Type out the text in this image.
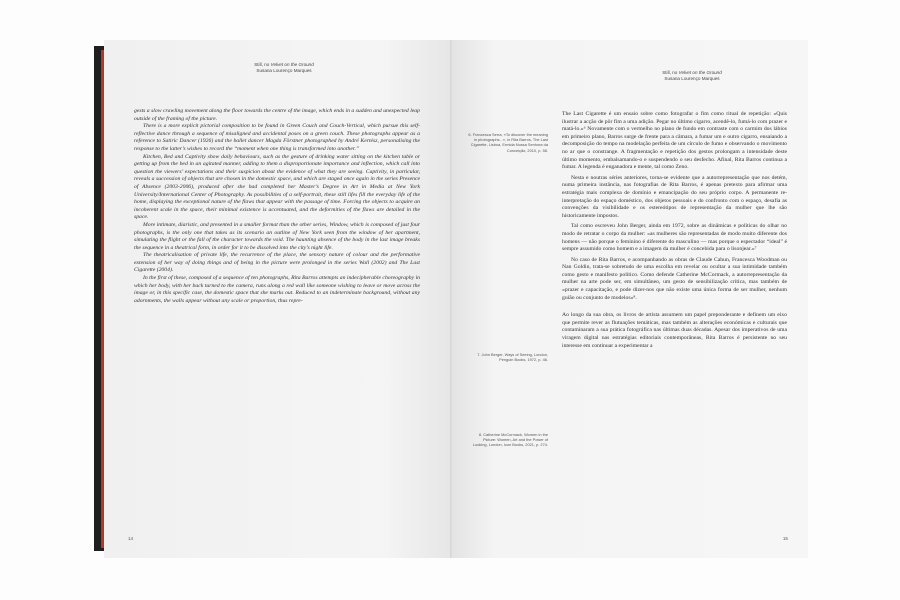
Still, no Velvet on the Ground
Susana Lourenço Marques

gests a slow crawling movement along the floor towards the centre of the image, which ends in a sudden and unexpected leap outside of the framing of the picture.

There is a more explicit pictorial composition to be found in Green Couch and Couch-Vertical, which pursue this self-reflective dance through a sequence of misaligned and accidental poses on a green couch. These photographs appear as a reference to Satiric Dancer (1926) and the ballet dancer Magda Förstner photographed by André Kertész, personalising the response to the latter’s wishes to record the “moment when one thing is transformed into another.”

Kitchen, Bed and Captivity show daily behaviours, such as the gesture of drinking water sitting on the kitchen table or getting up from the bed in an agitated manner, adding to them a disproportionate importance and inflection, which call into question the viewers’ expectations and their suspicion about the evidence of what they are seeing. Captivity, in particular, reveals a succession of objects that are chosen in the domestic space, and which are staged once again in the series Presence of Absence (2003-2006), produced after she had completed her Master’s Degree in Art in Media at New York University/International Center of Photography. As possibilities of a self-portrait, these still lifes fill the everyday life of the home, displaying the exceptional nature of the flaws that appear with the passage of time. Forcing the objects to acquire an incoherent scale in the space, their minimal existence is accentuated, and the deformities of the flaws are detailed in the space.

More intimate, diaristic, and presented in a smaller format than the other series, Window, which is composed of just four photographs, is the only one that takes as its scenario an outline of New York seen from the window of her apartment, simulating the flight or the fall of the character towards the void. The haunting absence of the body in the last image breaks the sequence in a theatrical form, in order for it to be dissolved into the city’s night life.

The theatricalisation of private life, the recurrence of the place, the sensory nature of colour and the performative extension of her way of doing things and of being in the picture were prolonged in the series Wall (2002) and The Last Cigarette (2004).

In the first of these, composed of a sequence of ten photographs, Rita Barros attempts an indecipherable choreography in which her body, with her back turned to the camera, runs along a red wall like someone wishing to leave or move across the image or, in this specific case, the domestic space that she marks out. Reduced to an indeterminate background, without any adornments, the walls appear without any scale or proportion, thus repre-

14
Still, no Velvet on the Ground
Susana Lourenço Marques
6. Francesca Serra, «To discover the meaning in photographs...», in Rita Barros, The Last Cigarette, Lisboa, Ermida Nossa Senhora da Conceição, 2010, p. 58.
7. John Berger, Ways of Seeing, London, Penguin Books, 1972, p. 46.
8. Catherine McCormack, Women in the Picture: Women, Art and the Power of Looking, London, Icon Books, 2021, p. 274.

The Last Cigarette é um ensaio sobre como fotografar o fim como ritual de repetição: «Quis ilustrar a acção de pôr fim a uma adição. Pegar no último cigarro, acendê-lo, fumá-lo com prazer e matá-lo.»⁶ Novamente com o vermelho no plano de fundo em contraste com o carmim dos lábios em primeiro plano, Barros surge de frente para a câmara, a fumar um e outro cigarro, ensaiando a decomposição do tempo na modelação perfeita de um círculo de fumo e observando o movimento no ar que o constrange. A fragmentação e repetição dos gestos prolongam a intensidade deste último momento, embalsamando-o e suspendendo o seu desfecho. Afinal, Rita Barros continua a fumar. A legenda é enganadora e mente, tal como Zeno.

Nesta e noutras séries anteriores, torna-se evidente que a autorrepresentação que nos detém, numa primeira instância, nas fotografias de Rita Barros, é apenas pretexto para afirmar uma estratégia mais complexa de domínio e emancipação do seu próprio corpo. A permanente re-interpretação do espaço doméstico, dos objetos pessoais e do confronto com o espaço, desafia as convenções da visibilidade e os estereótipos de representação da mulher que lhe são historicamente impostos.

Tal como escreveu John Berger, ainda em 1972, sobre as dinâmicas e políticas do olhar no modo de retratar o corpo da mulher: «as mulheres são representadas de modo muito diferente dos homens — não porque o feminino é diferente do masculino — mas porque o espectador “ideal” é sempre assumido como homem e a imagem da mulher é concebida para o lisonjear.»⁷

No caso de Rita Barros, e acompanhando as obras de Claude Cahun, Francesca Woodman ou Nan Goldin, trata-se sobretudo de uma escolha em revelar ou ocultar a sua intimidade também como gesto e manifesto político. Como defende Catherine McCormack, a autorrepresentação da mulher na arte pode ser, em simultâneo, um gesto de sensibilização crítica, mas também de «prazer e capacitação, e pode dizer-nos que não existe uma única forma de ser mulher, nenhum guião ou conjunto de modelos»⁸.

Ao longo da sua obra, os livros de artista assumem um papel preponderante e definem um eixo que permite rever as flutuações temáticas, mas também as alterações económicas e culturais que contaminaram a sua prática fotográfica nas últimas duas décadas. Apesar dos imperativos de uma viragem digital nas estratégias editoriais contemporâneas, Rita Barros é persistente no seu interesse em continuar a experimentar a

15
